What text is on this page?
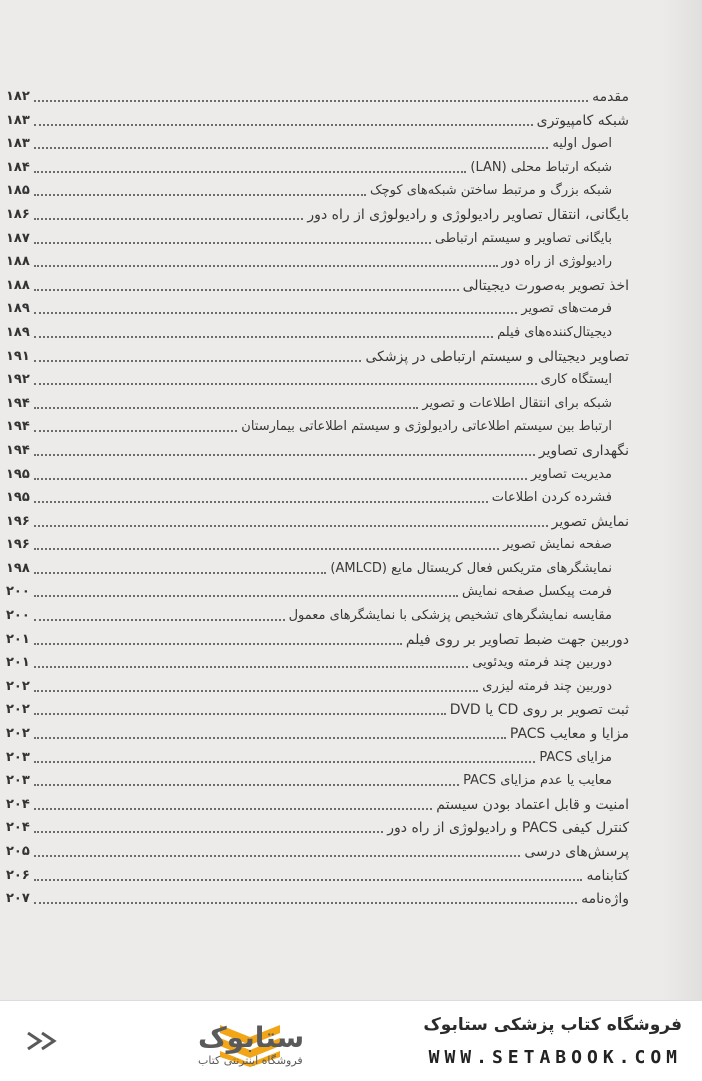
۱۸۲	مقدمه
۱۸۳	شبکه کامپیوتری
۱۸۳	اصول اولیه
۱۸۴	شبکه ارتباط محلی (LAN)
۱۸۵	شبکه بزرگ و مرتبط ساختن شبکه‌های کوچک
۱۸۶	بایگانی، انتقال تصاویر رادیولوژی و رادیولوژی از راه دور
۱۸۷	بایگانی تصاویر و سیستم ارتباطی
۱۸۸	رادیولوژی از راه دور
۱۸۸	اخذ تصویر به‌صورت دیجیتالی
۱۸۹	فرمت‌های تصویر
۱۸۹	دیجیتال‌کننده‌های فیلم
۱۹۱	تصاویر دیجیتالی و سیستم ارتباطی در پزشکی
۱۹۲	ایستگاه کاری
۱۹۴	شبکه برای انتقال اطلاعات و تصویر
۱۹۴	ارتباط بین سیستم اطلاعاتی رادیولوژی و سیستم اطلاعاتی بیمارستان
۱۹۴	نگهداری تصاویر
۱۹۵	مدیریت تصاویر
۱۹۵	فشرده کردن اطلاعات
۱۹۶	نمایش تصویر
۱۹۶	صفحه نمایش تصویر
۱۹۸	نمایشگرهای متریکس فعال کریستال مایع (AMLCD)
۲۰۰	فرمت پیکسل صفحه نمایش
۲۰۰	مقایسه نمایشگرهای تشخیص پزشکی با نمایشگرهای معمول
۲۰۱	دوربین جهت ضبط تصاویر بر روی فیلم
۲۰۱	دوربین چند فرمته ویدئویی
۲۰۲	دوربین چند فرمته لیزری
۲۰۲	ثبت تصویر بر روی CD یا DVD
۲۰۲	مزایا و معایب PACS
۲۰۳	مزایای PACS
۲۰۳	معایب یا عدم مزایای PACS
۲۰۴	امنیت و قابل اعتماد بودن سیستم
۲۰۴	کنترل کیفی PACS و رادیولوژی از راه دور
۲۰۵	پرسش‌های درسی
۲۰۶	کتابنامه
۲۰۷	واژه‌نامه
ستابوک
فروشگاه اینترنتی کتاب
فروشگاه کتاب پزشکی ستابوک
WWW.SETABOOK.COM
